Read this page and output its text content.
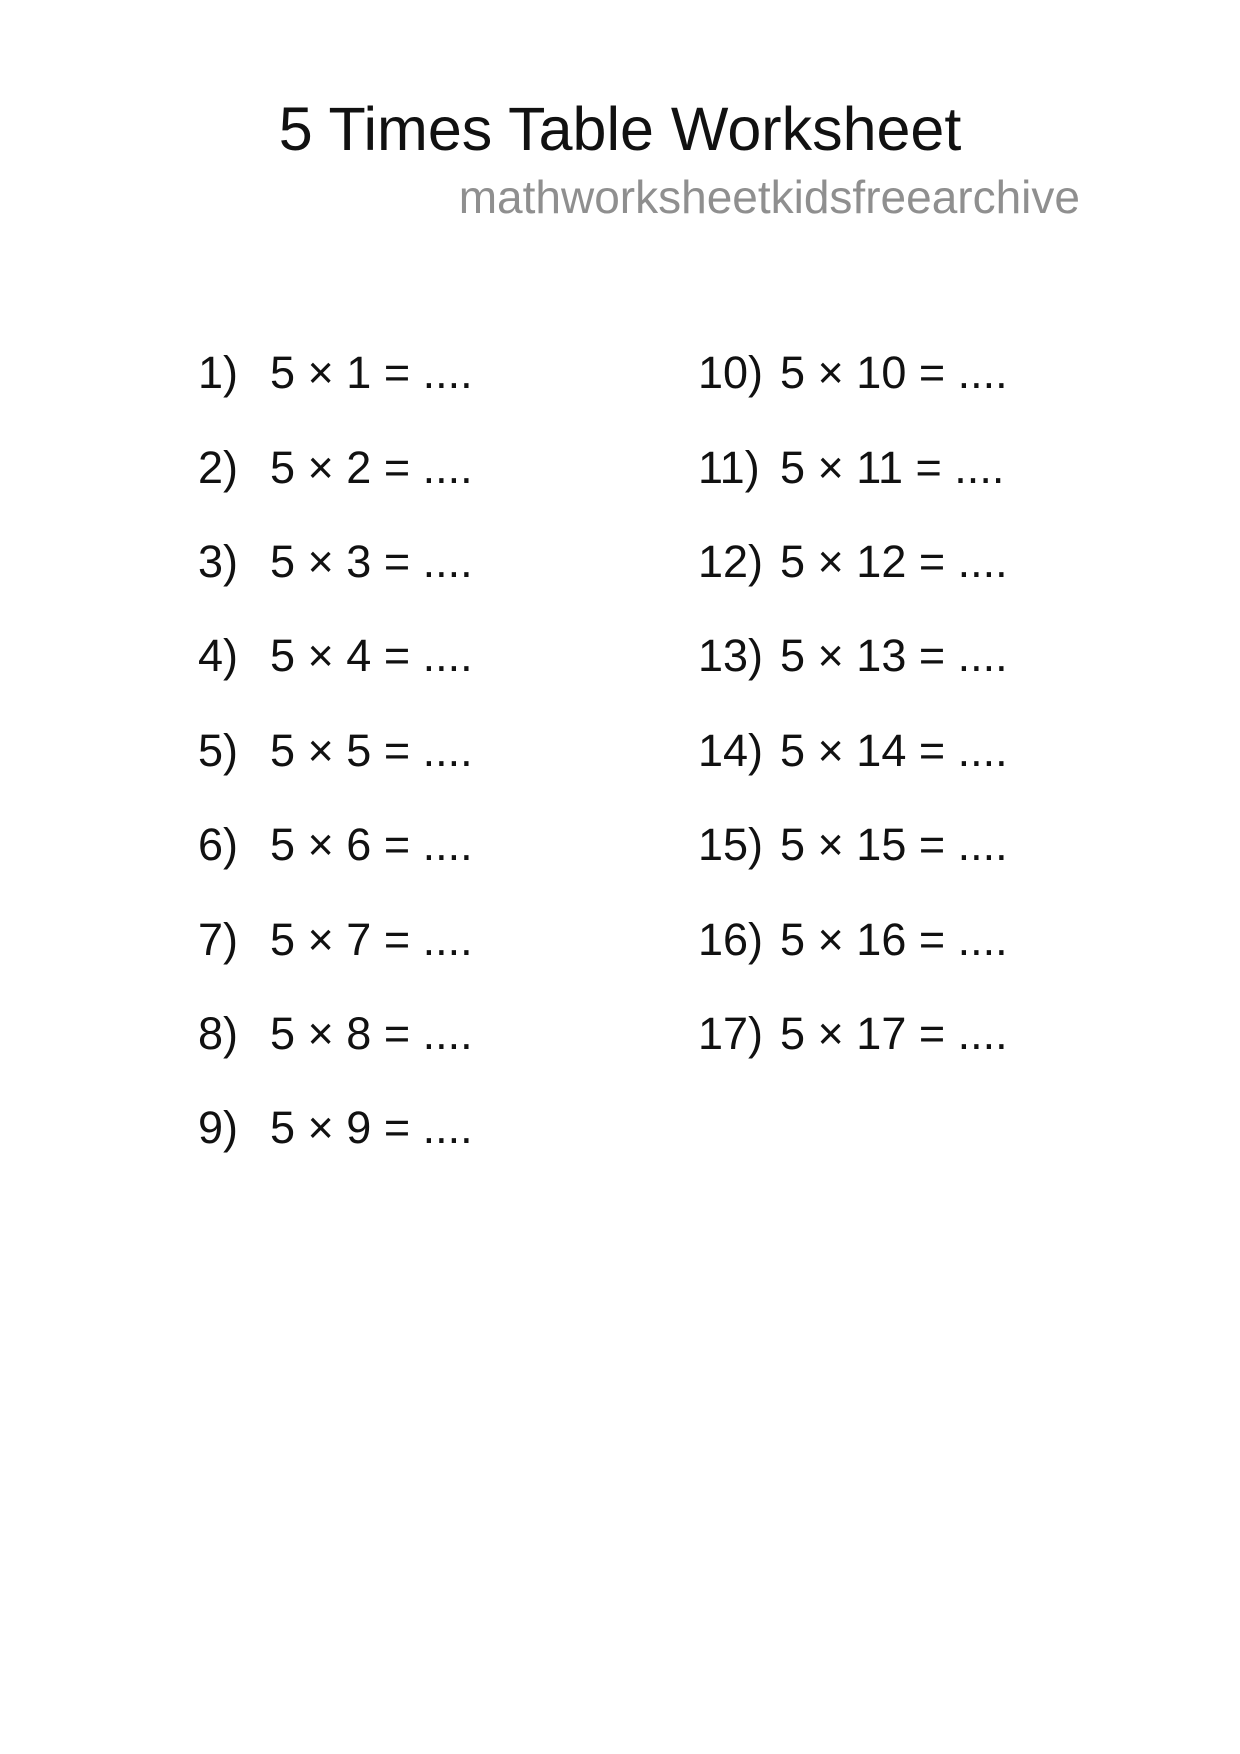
5 Times Table Worksheet
mathworksheetkidsfreearchive
1) 5 × 1 = ....
2) 5 × 2 = ....
3) 5 × 3 = ....
4) 5 × 4 = ....
5) 5 × 5 = ....
6) 5 × 6 = ....
7) 5 × 7 = ....
8) 5 × 8 = ....
9) 5 × 9 = ....
10) 5 × 10 = ....
11) 5 × 11 = ....
12) 5 × 12 = ....
13) 5 × 13 = ....
14) 5 × 14 = ....
15) 5 × 15 = ....
16) 5 × 16 = ....
17) 5 × 17 = ....
